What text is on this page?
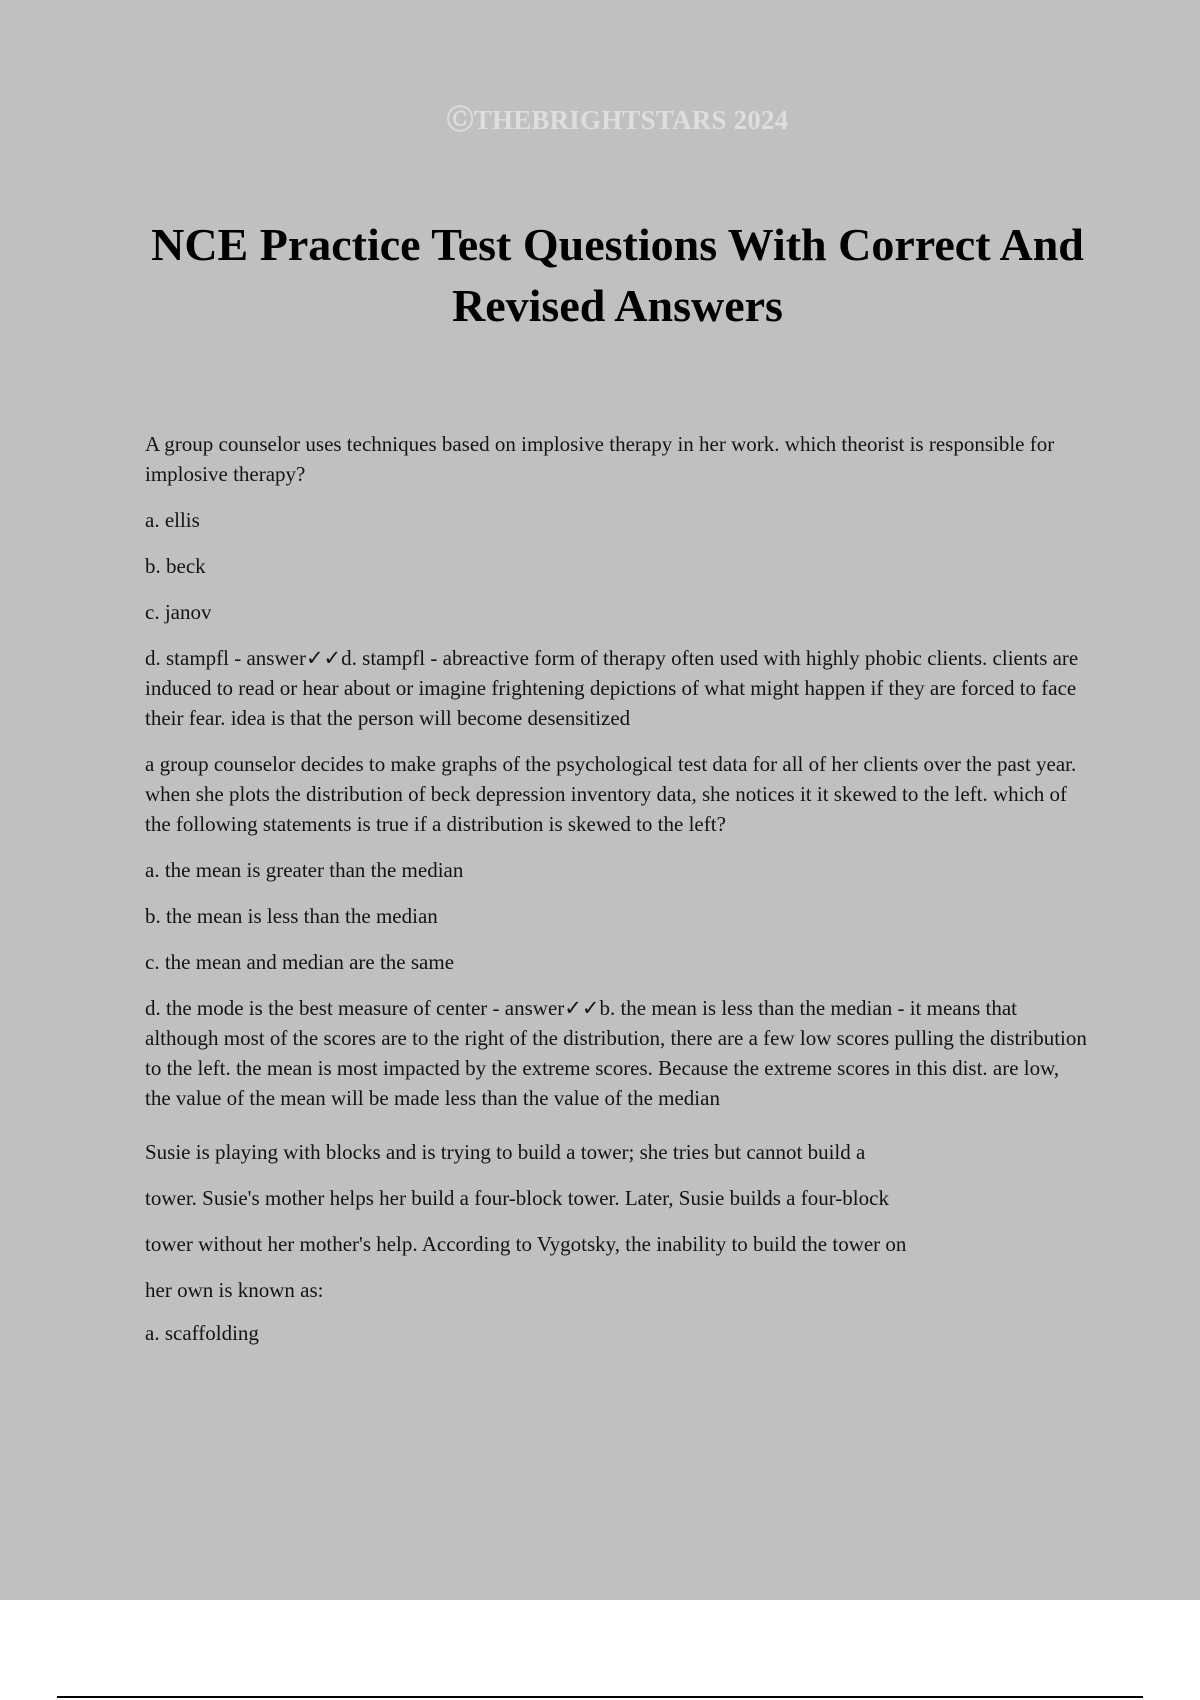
ⒸTHEBRIGHTSTARS 2024
NCE Practice Test Questions With Correct And Revised Answers

A group counselor uses techniques based on implosive therapy in her work. which theorist is responsible for implosive therapy?

a. ellis

b. beck

c. janov

d. stampfl - answer✓✓d. stampfl - abreactive form of therapy often used with highly phobic clients. clients are induced to read or hear about or imagine frightening depictions of what might happen if they are forced to face their fear. idea is that the person will become desensitized

a group counselor decides to make graphs of the psychological test data for all of her clients over the past year. when she plots the distribution of beck depression inventory data, she notices it it skewed to the left. which of the following statements is true if a distribution is skewed to the left?

a. the mean is greater than the median

b. the mean is less than the median

c. the mean and median are the same

d. the mode is the best measure of center - answer✓✓b. the mean is less than the median - it means that although most of the scores are to the right of the distribution, there are a few low scores pulling the distribution to the left. the mean is most impacted by the extreme scores. Because the extreme scores in this dist. are low, the value of the mean will be made less than the value of the median

Susie is playing with blocks and is trying to build a tower; she tries but cannot build a

tower. Susie's mother helps her build a four-block tower. Later, Susie builds a four-block

tower without her mother's help. According to Vygotsky, the inability to build the tower on

her own is known as:

a. scaffolding
